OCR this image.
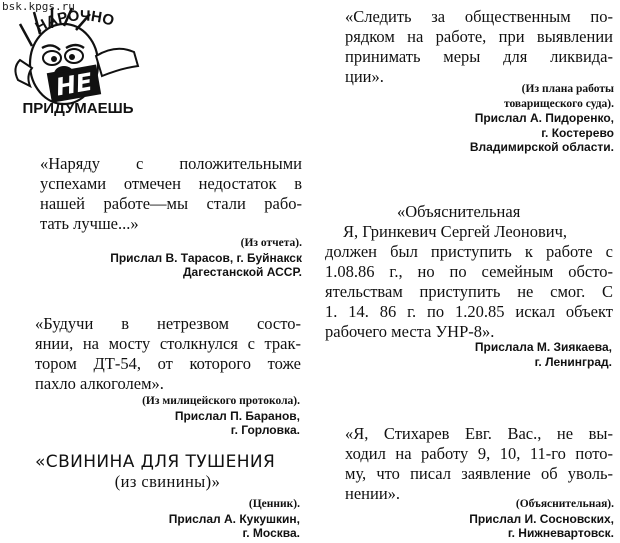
bsk.kpgs.ru
НАРОЧНО
НЕ
ПРИДУМАЕШЬ
«Наряду с положительными
успехами отмечен недостаток в
нашей работе—мы стали рабо-
тать лучше...»
(Из отчета).
Прислал В. Тарасов, г. Буйнакск
Дагестанской АССР.
«Будучи в нетрезвом состо-
янии, на мосту столкнулся с трак-
тором ДТ-54, от которого тоже
пахло алкоголем».
(Из милицейского протокола).
Прислал П. Баранов,
г. Горловка.
«СВИНИНА ДЛЯ ТУШЕНИЯ
(из свинины)»
(Ценник).
Прислал А. Кукушкин,
г. Москва.
«Следить за общественным по-
рядком на работе, при выявлении
принимать меры для ликвида-
ции».
(Из плана работы
товарищеского суда).
Прислал А. Пидоренко,
г. Костерево
Владимирской области.
«Объяснительная
Я, Гринкевич Сергей Леонович,
должен был приступить к работе с
1.08.86 г., но по семейным обсто-
ятельствам приступить не смог. С
1. 14. 86 г. по 1.20.85 искал объект
рабочего места УНР-8».
Прислала М. Зиякаева,
г. Ленинград.
«Я, Стихарев Евг. Вас., не вы-
ходил на работу 9, 10, 11-го пото-
му, что писал заявление об уволь-
нении».
(Объяснительная).
Прислал И. Сосновских,
г. Нижневартовск.
